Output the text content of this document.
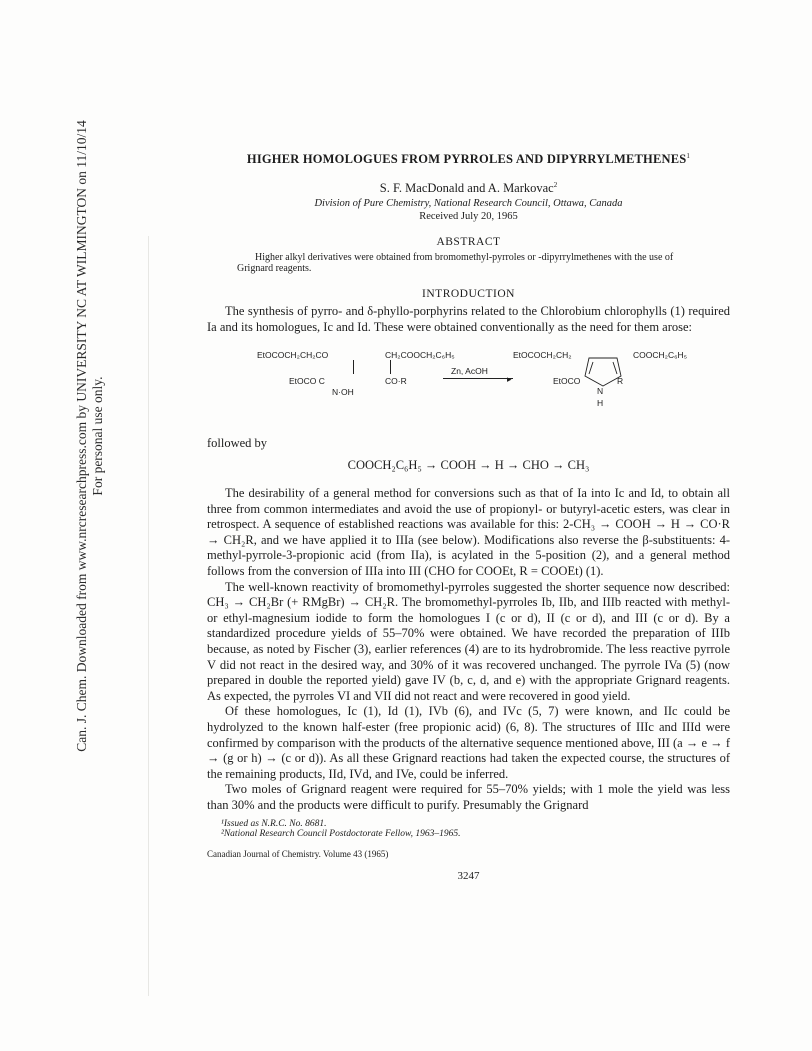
Can. J. Chem. Downloaded from www.nrcresearchpress.com by UNIVERSITY NC AT WILMINGTON on 11/10/14 For personal use only.
HIGHER HOMOLOGUES FROM PYRROLES AND DIPYRRYLMETHENES$^1$
S. F. MacDonald and A. Markovac$^2$
Division of Pure Chemistry, National Research Council, Ottawa, Canada
Received July 20, 1965
ABSTRACT
Higher alkyl derivatives were obtained from bromomethyl-pyrroles or -dipyrrylmethenes with the use of Grignard reagents.
INTRODUCTION

The synthesis of pyrro- and δ-phyllo-porphyrins related to the Chlorobium chlorophylls (1) required Ia and its homologues, Ic and Id. These were obtained conventionally as the need for them arose:

EtOCOCH₂CH₂CO
EtOCO C
N·OH
CH₂COOCH₂C₆H₅
CO·R
Zn, AcOH
▸
EtOCOCH₂CH₂	COOCH₂C₆H₅
EtOCO
N
R
H

followed by

COOCH₂C₆H₅ → COOH → H → CHO → CH₃

The desirability of a general method for conversions such as that of Ia into Ic and Id, to obtain all three from common intermediates and avoid the use of propionyl- or butyryl-acetic esters, was clear in retrospect. A sequence of established reactions was available for this: 2-CH₃ → COOH → H → CO·R → CH₂R, and we have applied it to IIIa (see below). Modifications also reverse the β-substituents: 4-methyl-pyrrole-3-propionic acid (from IIa), is acylated in the 5-position (2), and a general method follows from the conversion of IIIa into III (CHO for COOEt, R = COOEt) (1).

The well-known reactivity of bromomethyl-pyrroles suggested the shorter sequence now described: CH₃ → CH₂Br (+ RMgBr) → CH₂R. The bromomethyl-pyrroles Ib, IIb, and IIIb reacted with methyl- or ethyl-magnesium iodide to form the homologues I (c or d), II (c or d), and III (c or d). By a standardized procedure yields of 55–70% were obtained. We have recorded the preparation of IIIb because, as noted by Fischer (3), earlier references (4) are to its hydrobromide. The less reactive pyrrole V did not react in the desired way, and 30% of it was recovered unchanged. The pyrrole IVa (5) (now prepared in double the reported yield) gave IV (b, c, d, and e) with the appropriate Grignard reagents. As expected, the pyrroles VI and VII did not react and were recovered in good yield.

Of these homologues, Ic (1), Id (1), IVb (6), and IVc (5, 7) were known, and IIc could be hydrolyzed to the known half-ester (free propionic acid) (6, 8). The structures of IIIc and IIId were confirmed by comparison with the products of the alternative sequence mentioned above, III (a → e → f → (g or h) → (c or d)). As all these Grignard reactions had taken the expected course, the structures of the remaining products, IId, IVd, and IVe, could be inferred.

Two moles of Grignard reagent were required for 55–70% yields; with 1 mole the yield was less than 30% and the products were difficult to purify. Presumably the Grignard

¹Issued as N.R.C. No. 8681.
²National Research Council Postdoctorate Fellow, 1963–1965.
Canadian Journal of Chemistry. Volume 43 (1965)
3247
